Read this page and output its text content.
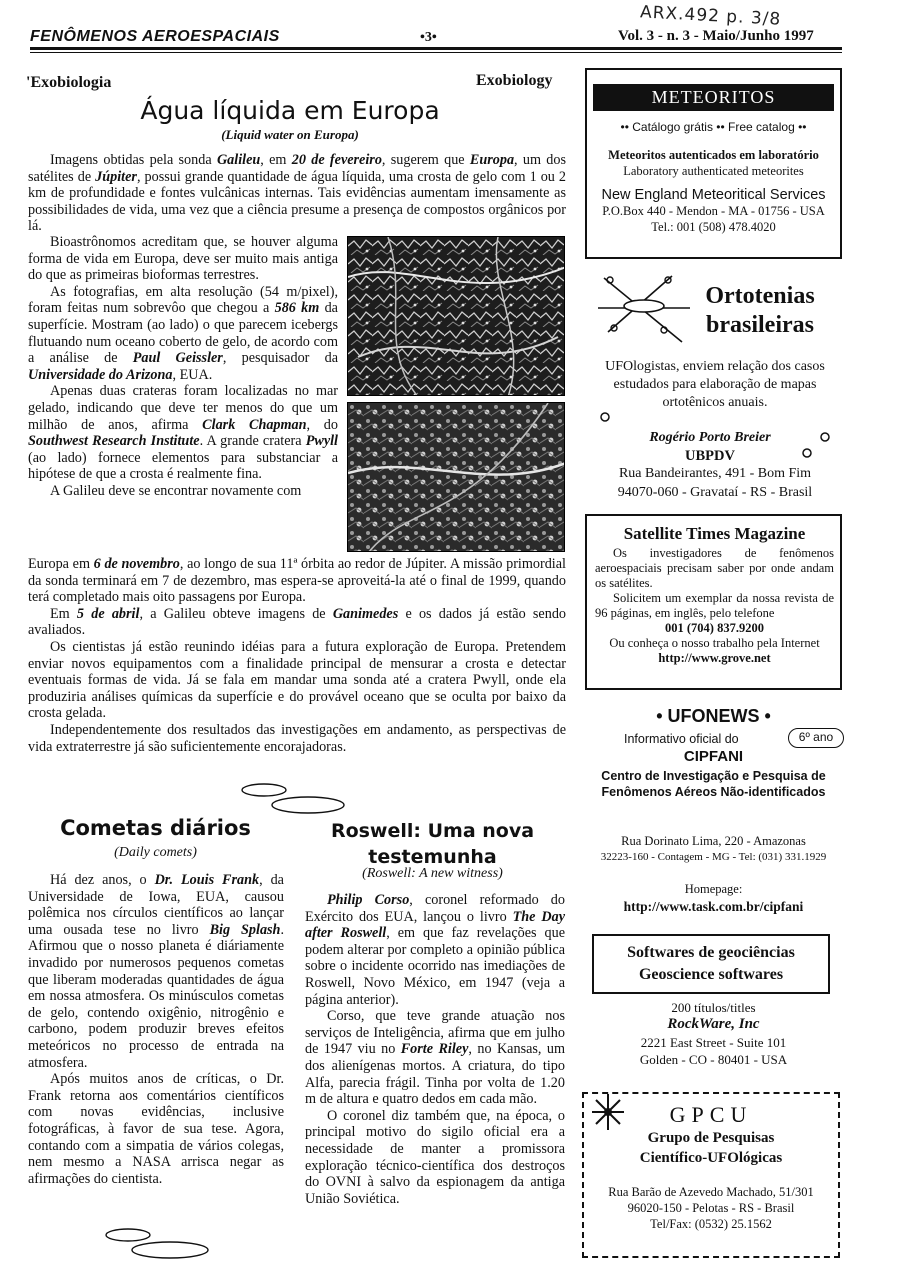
ARX.492 p. 3/8
FENÔMENOS AEROESPACIAIS	•3•	Vol. 3 - n. 3 - Maio/Junho 1997
'Exobiologia	Exobiology
Água líquida em Europa
(Liquid water on Europa)

Imagens obtidas pela sonda Galileu, em 20 de fevereiro, sugerem que Europa, um dos satélites de Júpiter, possui grande quantidade de água líquida, uma crosta de gelo com 1 ou 2 km de profundidade e fontes vulcânicas internas. Tais evidências aumentam imensamente as possibilidades de vida, uma vez que a ciência presume a presença de compostos orgânicos por lá.

Bioastrônomos acreditam que, se houver alguma forma de vida em Europa, deve ser muito mais antiga do que as primeiras bioformas terrestres.

As fotografias, em alta resolução (54 m/pixel), foram feitas num sobrevôo que chegou a 586 km da superfície. Mostram (ao lado) o que parecem icebergs flutuando num oceano coberto de gelo, de acordo com a análise de Paul Geissler, pesquisador da Universidade do Arizona, EUA.

Apenas duas crateras foram localizadas no mar gelado, indicando que deve ter menos do que um milhão de anos, afirma Clark Chapman, do Southwest Research Institute. A grande cratera Pwyll (ao lado) fornece elementos para substanciar a hipótese de que a crosta é realmente fina.

A Galileu deve se encontrar novamente com

Europa em 6 de novembro, ao longo de sua 11ª órbita ao redor de Júpiter. A missão primordial da sonda terminará em 7 de dezembro, mas espera-se aproveitá-la até o final de 1999, quando terá completado mais oito passagens por Europa.

Em 5 de abril, a Galileu obteve imagens de Ganimedes e os dados já estão sendo avaliados.

Os cientistas já estão reunindo idéias para a futura exploração de Europa. Pretendem enviar novos equipamentos com a finalidade principal de mensurar a crosta e detectar eventuais formas de vida. Já se fala em mandar uma sonda até a cratera Pwyll, onde ela produziria análises químicas da superfície e do provável oceano que se oculta por baixo da crosta gelada.

Independentemente dos resultados das investigações em andamento, as perspectivas de vida extraterrestre já são suficientemente encorajadoras.

Cometas diários
(Daily comets)

Há dez anos, o Dr. Louis Frank, da Universidade de Iowa, EUA, causou polêmica nos círculos científicos ao lançar uma ousada tese no livro Big Splash. Afirmou que o nosso planeta é diáriamente invadido por numerosos pequenos cometas que liberam moderadas quantidades de água em nossa atmosfera. Os minúsculos cometas de gelo, contendo oxigênio, nitrogênio e carbono, podem produzir breves efeitos meteóricos no processo de entrada na atmosfera.

Após muitos anos de críticas, o Dr. Frank retorna aos comentários científicos com novas evidências, inclusive fotográficas, à favor de sua tese. Agora, contando com a simpatia de vários colegas, nem mesmo a NASA arrisca negar as afirmações do cientista.

Roswell: Uma nova
testemunha
(Roswell: A new witness)

Philip Corso, coronel reformado do Exército dos EUA, lançou o livro The Day after Roswell, em que faz revelações que podem alterar por completo a opinião pública sobre o incidente ocorrido nas imediações de Roswell, Novo México, em 1947 (veja a página anterior).

Corso, que teve grande atuação nos serviços de Inteligência, afirma que em julho de 1947 viu no Forte Riley, no Kansas, um dos alienígenas mortos. A criatura, do tipo Alfa, parecia frágil. Tinha por volta de 1.20 m de altura e quatro dedos em cada mão.

O coronel diz também que, na época, o principal motivo do sigilo oficial era a necessidade de manter a promissora exploração técnico-científica dos destroços do OVNI à salvo da espionagem da antiga União Soviética.

METEORITOS
•• Catálogo grátis •• Free catalog ••
Meteoritos autenticados em laboratório
Laboratory authenticated meteorites
New England Meteoritical Services
P.O.Box 440 - Mendon - MA - 01756 - USA
Tel.: 001 (508) 478.4020
Ortotenias
brasileiras
UFOlogistas, enviem relação dos casos estudados para elaboração de mapas ortotênicos anuais.
Rogério Porto Breier
UBPDV
Rua Bandeirantes, 491 - Bom Fim
94070-060 - Gravataí - RS - Brasil
Satellite Times Magazine
Os investigadores de fenômenos aeroespaciais precisam saber por onde andam os satélites.
Solicitem um exemplar da nossa revista de 96 páginas, em inglês, pelo telefone
001 (704) 837.9200
Ou conheça o nosso trabalho pela Internet
http://www.grove.net
• UFONEWS •
Informativo oficial do	6º ano
CIPFANI
Centro de Investigação e Pesquisa de
Fenômenos Aéreos Não-identificados
Rua Dorinato Lima, 220 - Amazonas
32223-160 - Contagem - MG - Tel: (031) 331.1929
Homepage:
http://www.task.com.br/cipfani
Softwares de geociências
Geoscience softwares
200 títulos/titles
RockWare, Inc
2221 East Street - Suite 101
Golden - CO - 80401 - USA
GPCU
Grupo de Pesquisas
Científico-UFOlógicas
Rua Barão de Azevedo Machado, 51/301
96020-150 - Pelotas - RS - Brasil
Tel/Fax: (0532) 25.1562
